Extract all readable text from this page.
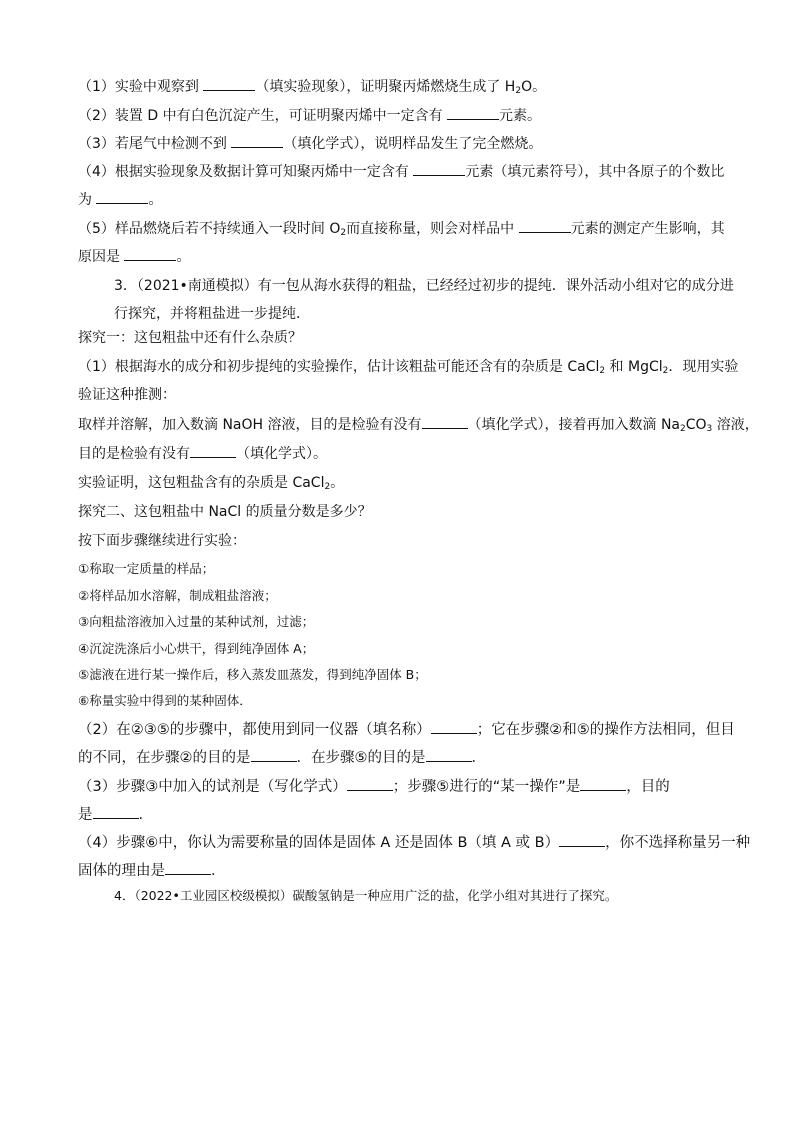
（1）实验中观察到	（填实验现象），证明聚丙烯燃烧生成了 $H_2O$。
（2）装置 D 中有白色沉淀产生，可证明聚丙烯中一定含有	元素。
（3）若尾气中检测不到	（填化学式），说明样品发生了完全燃烧。
（4）根据实验现象及数据计算可知聚丙烯中一定含有	元素（填元素符号），其中各原子的个数比
为	。
（5）样品燃烧后若不持续通入一段时间 $O_2$而直接称量，则会对样品中	元素的测定产生影响，其
原因是	。
3．（2021•南通模拟）有一包从海水获得的粗盐，已经经过初步的提纯．课外活动小组对它的成分进
行探究，并将粗盐进一步提纯．
探究一：这包粗盐中还有什么杂质？
（1）根据海水的成分和初步提纯的实验操作，估计该粗盐可能还含有的杂质是 CaCl$_2$ 和 MgCl$_2$．现用实验
验证这种推测：
取样并溶解，加入数滴 NaOH 溶液，目的是检验有没有	（填化学式），接着再加入数滴 $Na_2CO_3$ 溶液，
目的是检验有没有	（填化学式）。
实验证明，这包粗盐含有的杂质是 CaCl$_2$。
探究二、这包粗盐中 NaCl 的质量分数是多少？
按下面步骤继续进行实验：
①称取一定质量的样品；
②将样品加水溶解，制成粗盐溶液；
③向粗盐溶液加入过量的某种试剂，过滤；
④沉淀洗涤后小心烘干，得到纯净固体 A；
⑤滤液在进行某一操作后，移入蒸发皿蒸发，得到纯净固体 B；
⑥称量实验中得到的某种固体．
（2）在②③⑤的步骤中，都使用到同一仪器（填名称）	；它在步骤②和⑤的操作方法相同，但目
的不同，在步骤②的目的是	．在步骤⑤的目的是	．
（3）步骤③中加入的试剂是（写化学式）	；步骤⑤进行的“某一操作”是	，目的
是	．
（4）步骤⑥中，你认为需要称量的固体是固体 A 还是固体 B（填 A 或 B）	，你不选择称量另一种
固体的理由是	．
4．（2022•工业园区校级模拟）碳酸氢钠是一种应用广泛的盐，化学小组对其进行了探究。
